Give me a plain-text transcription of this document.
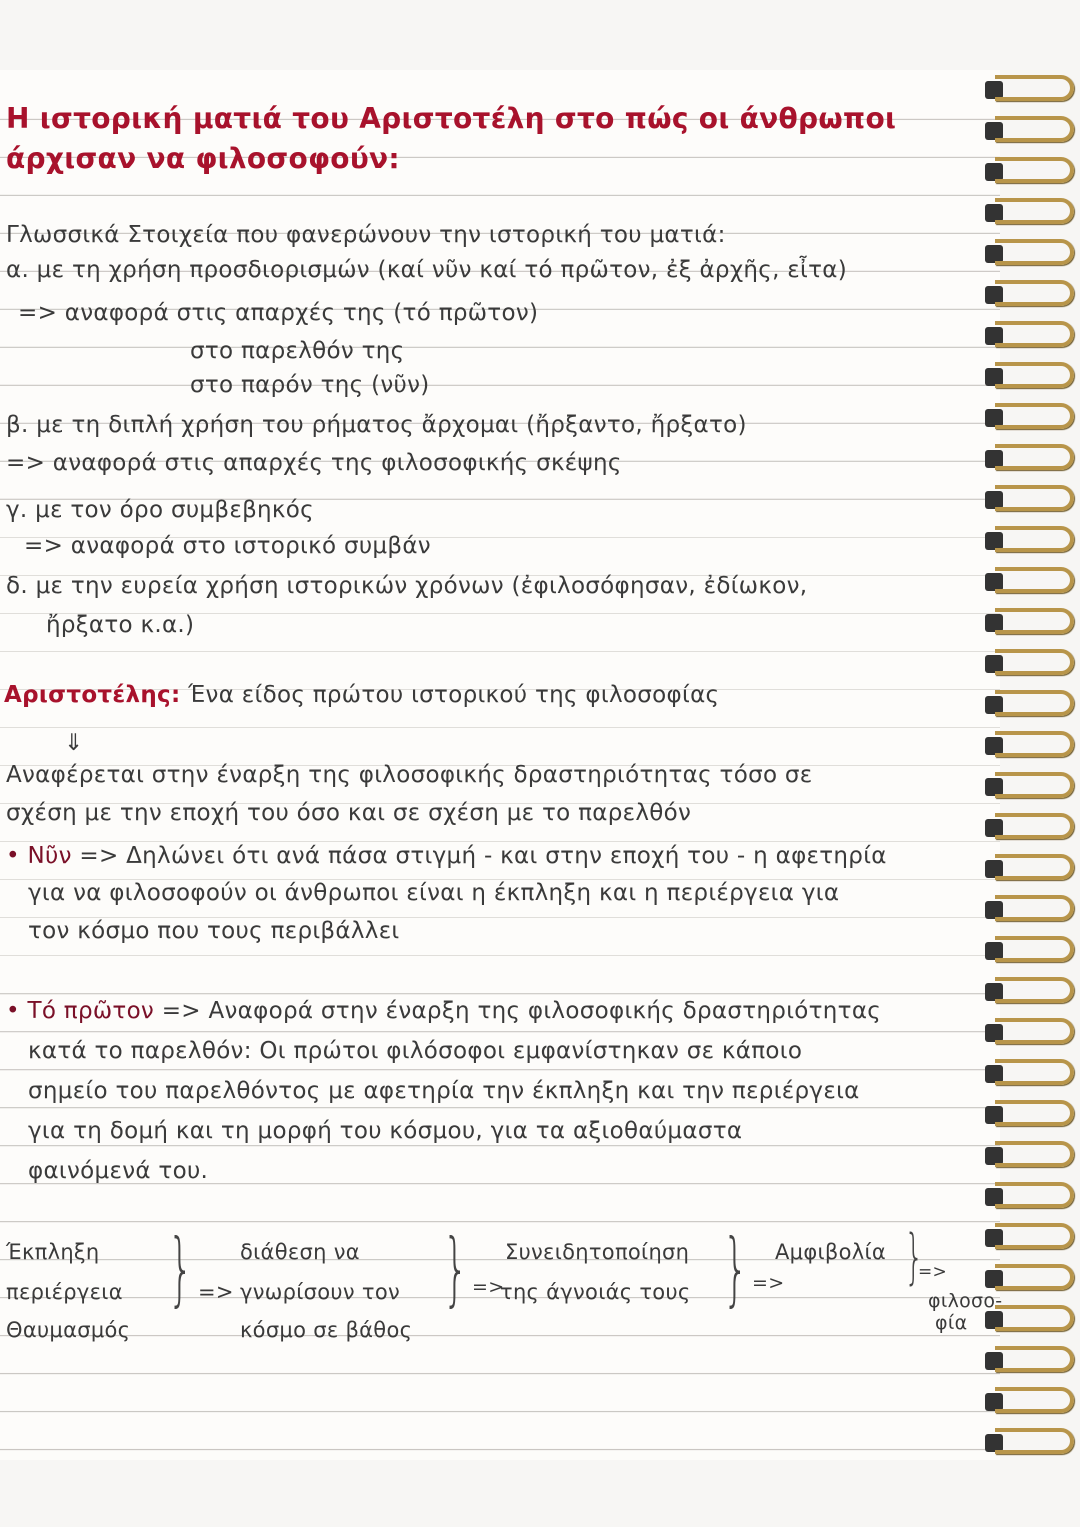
Η ιστορική ματιά του Αριστοτέλη στο πώς οι άνθρωποι
άρχισαν να φιλοσοφούν:
Γλωσσικά Στοιχεία που φανερώνουν την ιστορική του ματιά:
α. με τη χρήση προσδιορισμών (καί νῦν καί τό πρῶτον, ἐξ ἀρχῆς, εἶτα)
=> αναφορά στις απαρχές της (τό πρῶτον)
στο παρελθόν της
στο παρόν της (νῦν)
β. με τη διπλή χρήση του ρήματος ἄρχομαι (ἤρξαντο, ἤρξατο)
=> αναφορά στις απαρχές της φιλοσοφικής σκέψης
γ. με τον όρο συμβεβηκός
=> αναφορά στο ιστορικό συμβάν
δ. με την ευρεία χρήση ιστορικών χρόνων (ἐφιλοσόφησαν, ἐδίωκον,
ἤρξατο κ.α.)
Αριστοτέλης: Ένα είδος πρώτου ιστορικού της φιλοσοφίας
⇓
Αναφέρεται στην έναρξη της φιλοσοφικής δραστηριότητας τόσο σε
σχέση με την εποχή του όσο και σε σχέση με το παρελθόν
• Νῦν => Δηλώνει ότι ανά πάσα στιγμή - και στην εποχή του - η αφετηρία
για να φιλοσοφούν οι άνθρωποι είναι η έκπληξη και η περιέργεια για
τον κόσμο που τους περιβάλλει
• Τό πρῶτον => Αναφορά στην έναρξη της φιλοσοφικής δραστηριότητας
κατά το παρελθόν: Οι πρώτοι φιλόσοφοι εμφανίστηκαν σε κάποιο
σημείο του παρελθόντος με αφετηρία την έκπληξη και την περιέργεια
για τη δομή και τη μορφή του κόσμου, για τα αξιοθαύμαστα
φαινόμενά του.
Έκπληξη
περιέργεια
Θαυμασμός
} =>
διάθεση να
γνωρίσουν τον
κόσμο σε βάθος
} =>
Συνειδητοποίηση
της άγνοιάς τους } =>
Αμφιβολία }
=>
φιλοσο-
φία
